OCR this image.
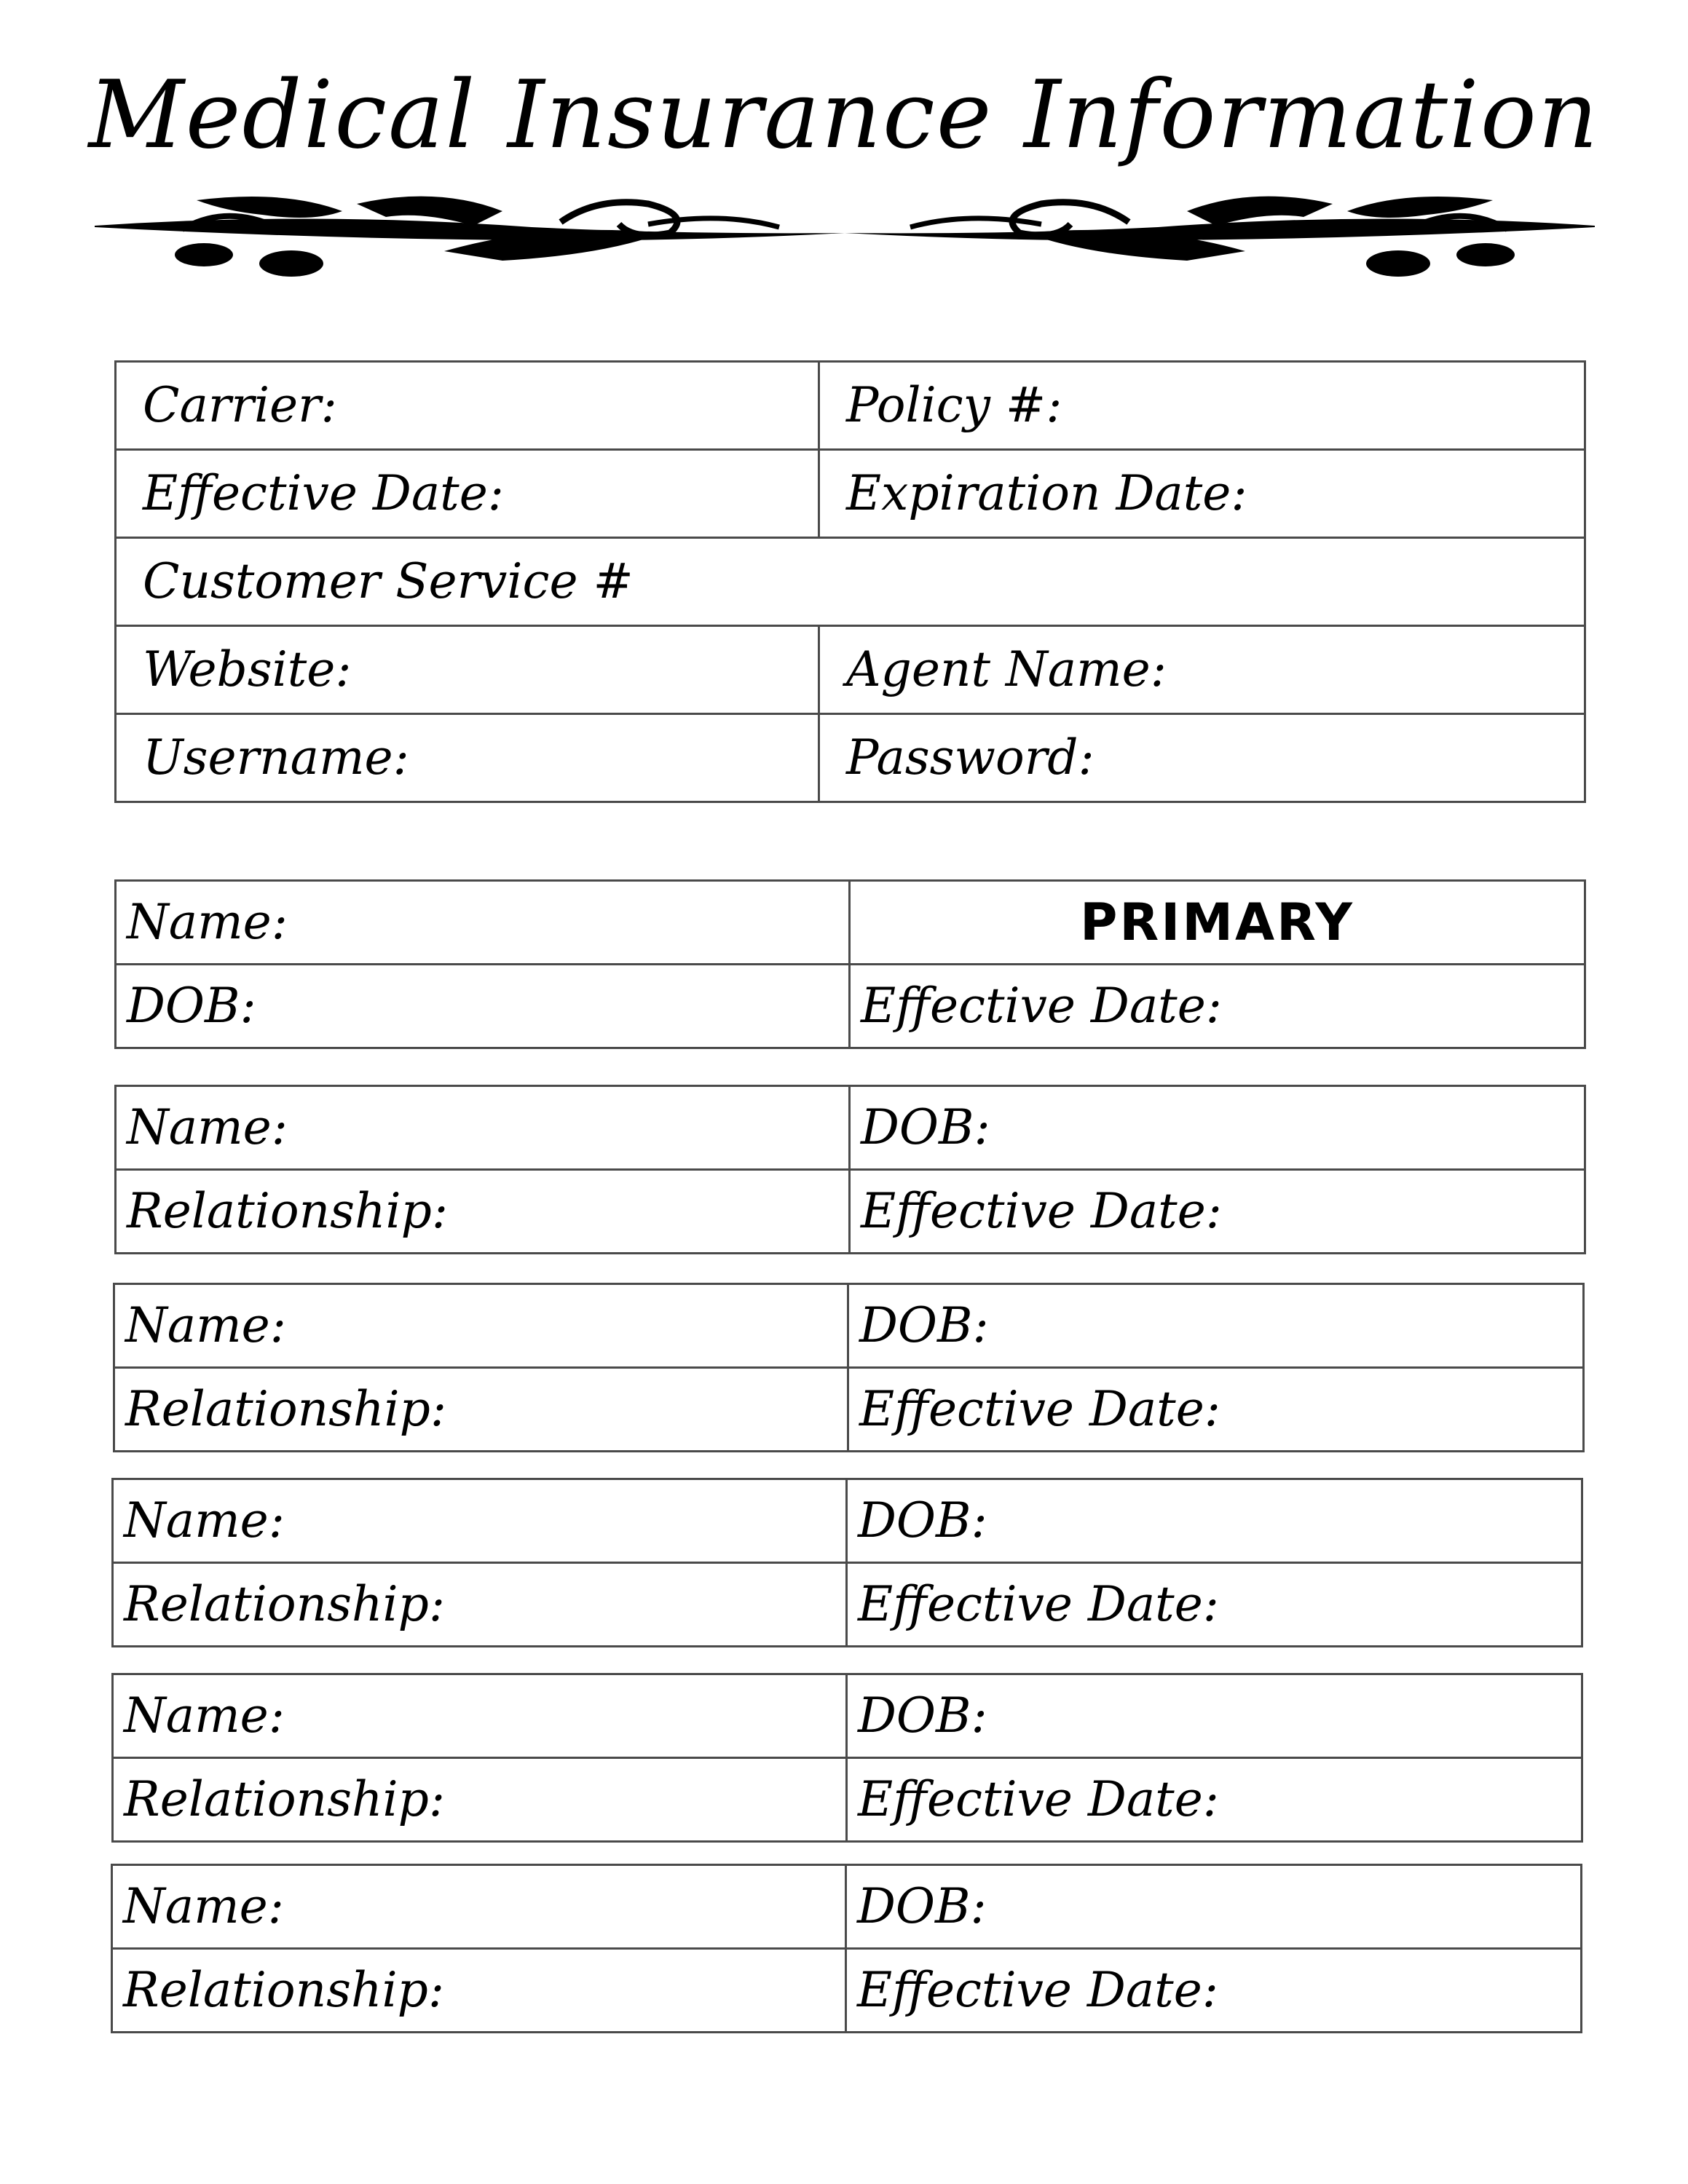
Medical Insurance Information
Carrier:	Policy #:
Effective Date:	Expiration Date:
Customer Service #	
Website:	Agent Name:
Username:	Password:
Name:	PRIMARY
DOB:	Effective Date:
Name:	DOB:
Relationship:	Effective Date:
Name:	DOB:
Relationship:	Effective Date:
Name:	DOB:
Relationship:	Effective Date:
Name:	DOB:
Relationship:	Effective Date:
Name:	DOB:
Relationship:	Effective Date:
